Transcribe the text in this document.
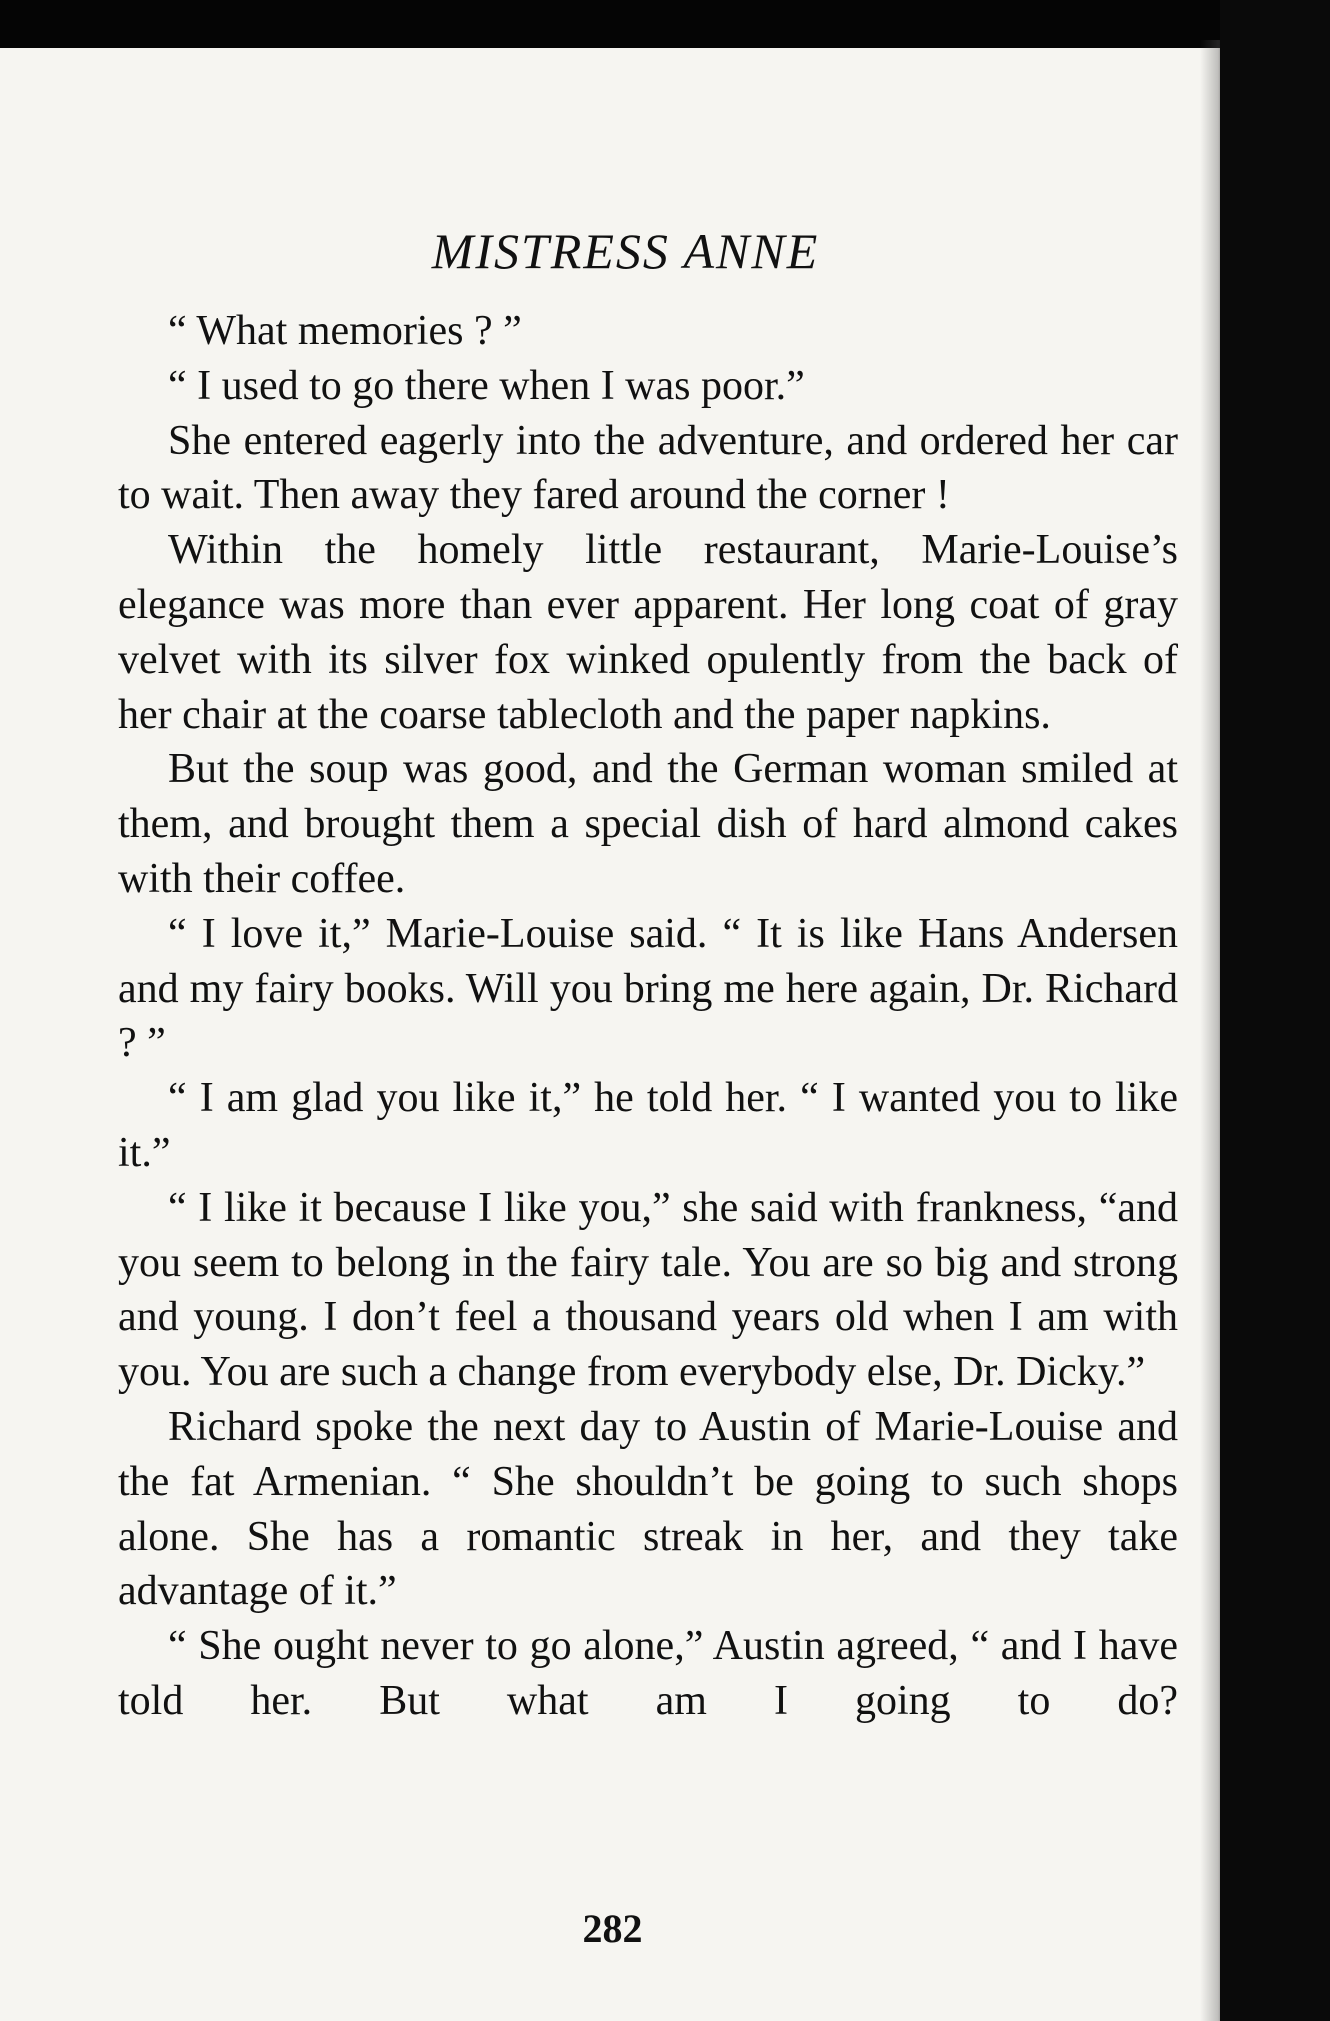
MISTRESS ANNE

“ What memories ? ”

“ I used to go there when I was poor.”

She entered eagerly into the adventure, and ordered her car to wait. Then away they fared around the corner !

Within the homely little restaurant, Marie-Louise’s elegance was more than ever apparent. Her long coat of gray velvet with its silver fox winked opulently from the back of her chair at the coarse tablecloth and the paper napkins.

But the soup was good, and the German woman smiled at them, and brought them a special dish of hard almond cakes with their coffee.

“ I love it,” Marie-Louise said. “ It is like Hans Andersen and my fairy books. Will you bring me here again, Dr. Richard ? ”

“ I am glad you like it,” he told her. “ I wanted you to like it.”

“ I like it because I like you,” she said with frankness, “and you seem to belong in the fairy tale. You are so big and strong and young. I don’t feel a thousand years old when I am with you. You are such a change from everybody else, Dr. Dicky.”

Richard spoke the next day to Austin of Marie-Louise and the fat Armenian. “ She shouldn’t be going to such shops alone. She has a romantic streak in her, and they take advantage of it.”

“ She ought never to go alone,” Austin agreed, “ and I have told her. But what am I going to do?

282
